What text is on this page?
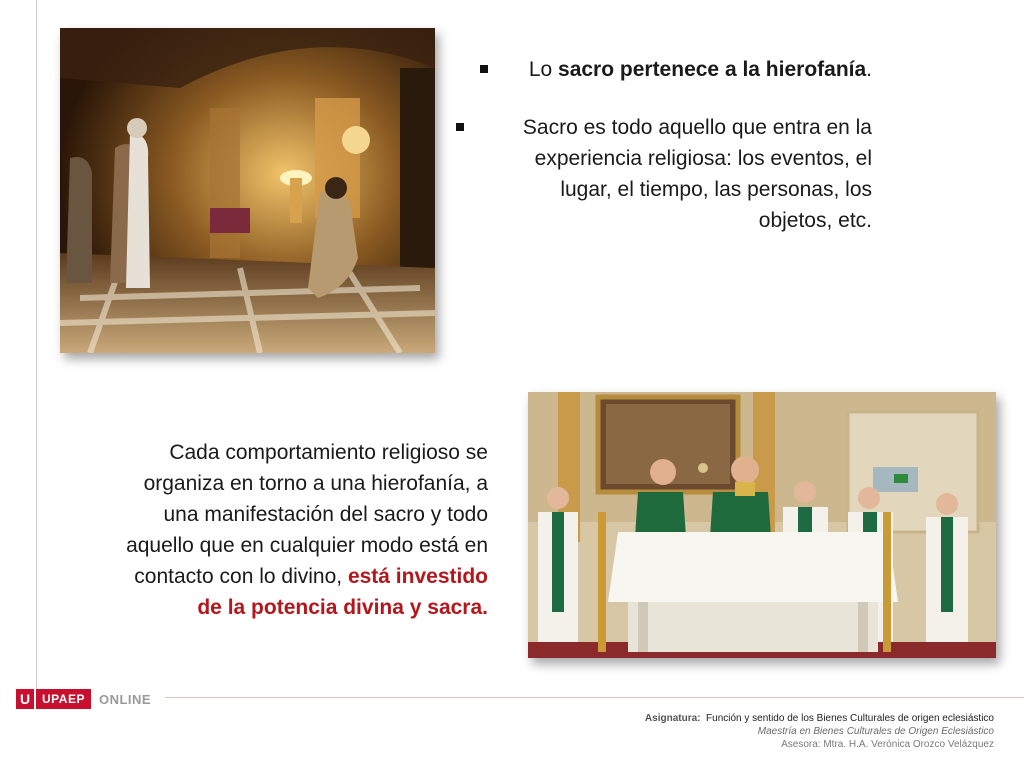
Lo sacro pertenece a la hierofanía.
Sacro es todo aquello que entra en la experiencia religiosa: los eventos, el lugar, el tiempo, las personas, los objetos, etc.
Cada comportamiento religioso se organiza en torno a una hierofanía, a una manifestación del sacro y todo aquello que en cualquier modo está en contacto con lo divino, está investido de la potencia divina y sacra.
U UPAEP	ONLINE
Asignatura: Función y sentido de los Bienes Culturales de origen eclesiástico
Maestría en Bienes Culturales de Origen Eclesiástico
Asesora: Mtra. H.A. Verónica Orozco Velázquez
